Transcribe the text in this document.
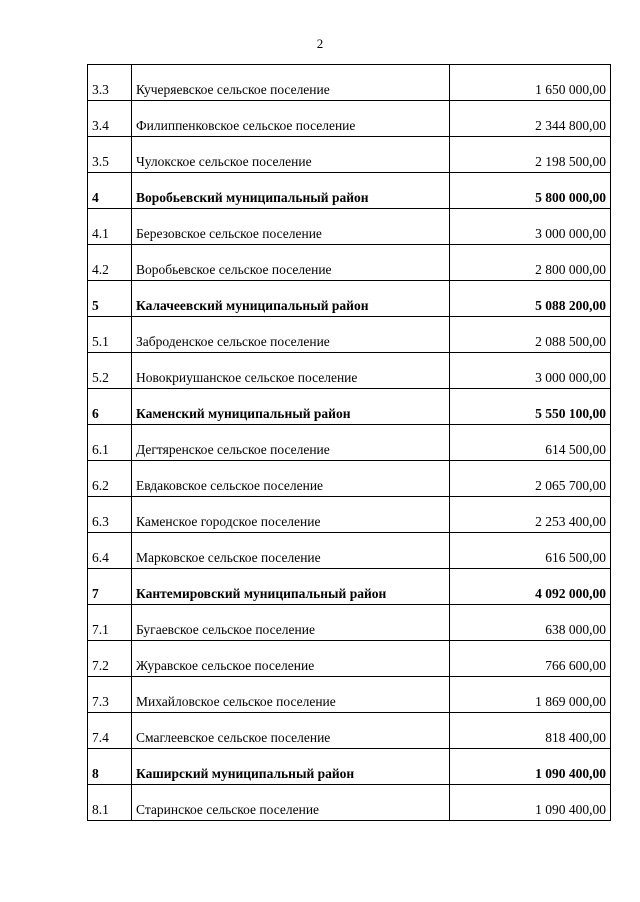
2
3.3	Кучеряевское сельское поселение	1 650 000,00
3.4	Филиппенковское сельское поселение	2 344 800,00
3.5	Чулокское сельское поселение	2 198 500,00
4	Воробьевский муниципальный район	5 800 000,00
4.1	Березовское сельское поселение	3 000 000,00
4.2	Воробьевское сельское поселение	2 800 000,00
5	Калачеевский муниципальный район	5 088 200,00
5.1	Заброденское сельское поселение	2 088 500,00
5.2	Новокриушанское сельское поселение	3 000 000,00
6	Каменский муниципальный район	5 550 100,00
6.1	Дегтяренское сельское поселение	614 500,00
6.2	Евдаковское сельское поселение	2 065 700,00
6.3	Каменское городское поселение	2 253 400,00
6.4	Марковское сельское поселение	616 500,00
7	Кантемировский муниципальный район	4 092 000,00
7.1	Бугаевское сельское поселение	638 000,00
7.2	Журавское сельское поселение	766 600,00
7.3	Михайловское сельское поселение	1 869 000,00
7.4	Смаглеевское сельское поселение	818 400,00
8	Каширский муниципальный район	1 090 400,00
8.1	Старинское сельское поселение	1 090 400,00
